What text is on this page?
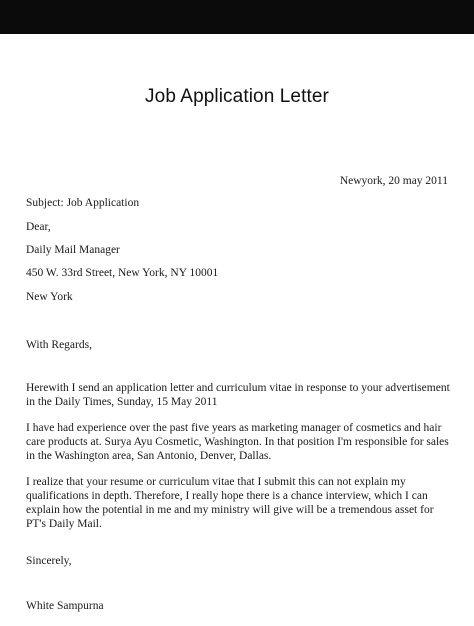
Job Application Letter
Newyork, 20 may 2011
Subject: Job Application
Dear,
Daily Mail Manager
450 W. 33rd Street, New York, NY 10001
New York
With Regards,
Herewith I send an application letter and curriculum vitae in response to your advertisement in the Daily Times, Sunday, 15 May 2011
I have had experience over the past five years as marketing manager of cosmetics and hair care products at. Surya Ayu Cosmetic, Washington. In that position I'm responsible for sales in the Washington area, San Antonio, Denver, Dallas.
I realize that your resume or curriculum vitae that I submit this can not explain my qualifications in depth. Therefore, I really hope there is a chance interview, which I can explain how the potential in me and my ministry will give will be a tremendous asset for PT's Daily Mail.
Sincerely,
White Sampurna
